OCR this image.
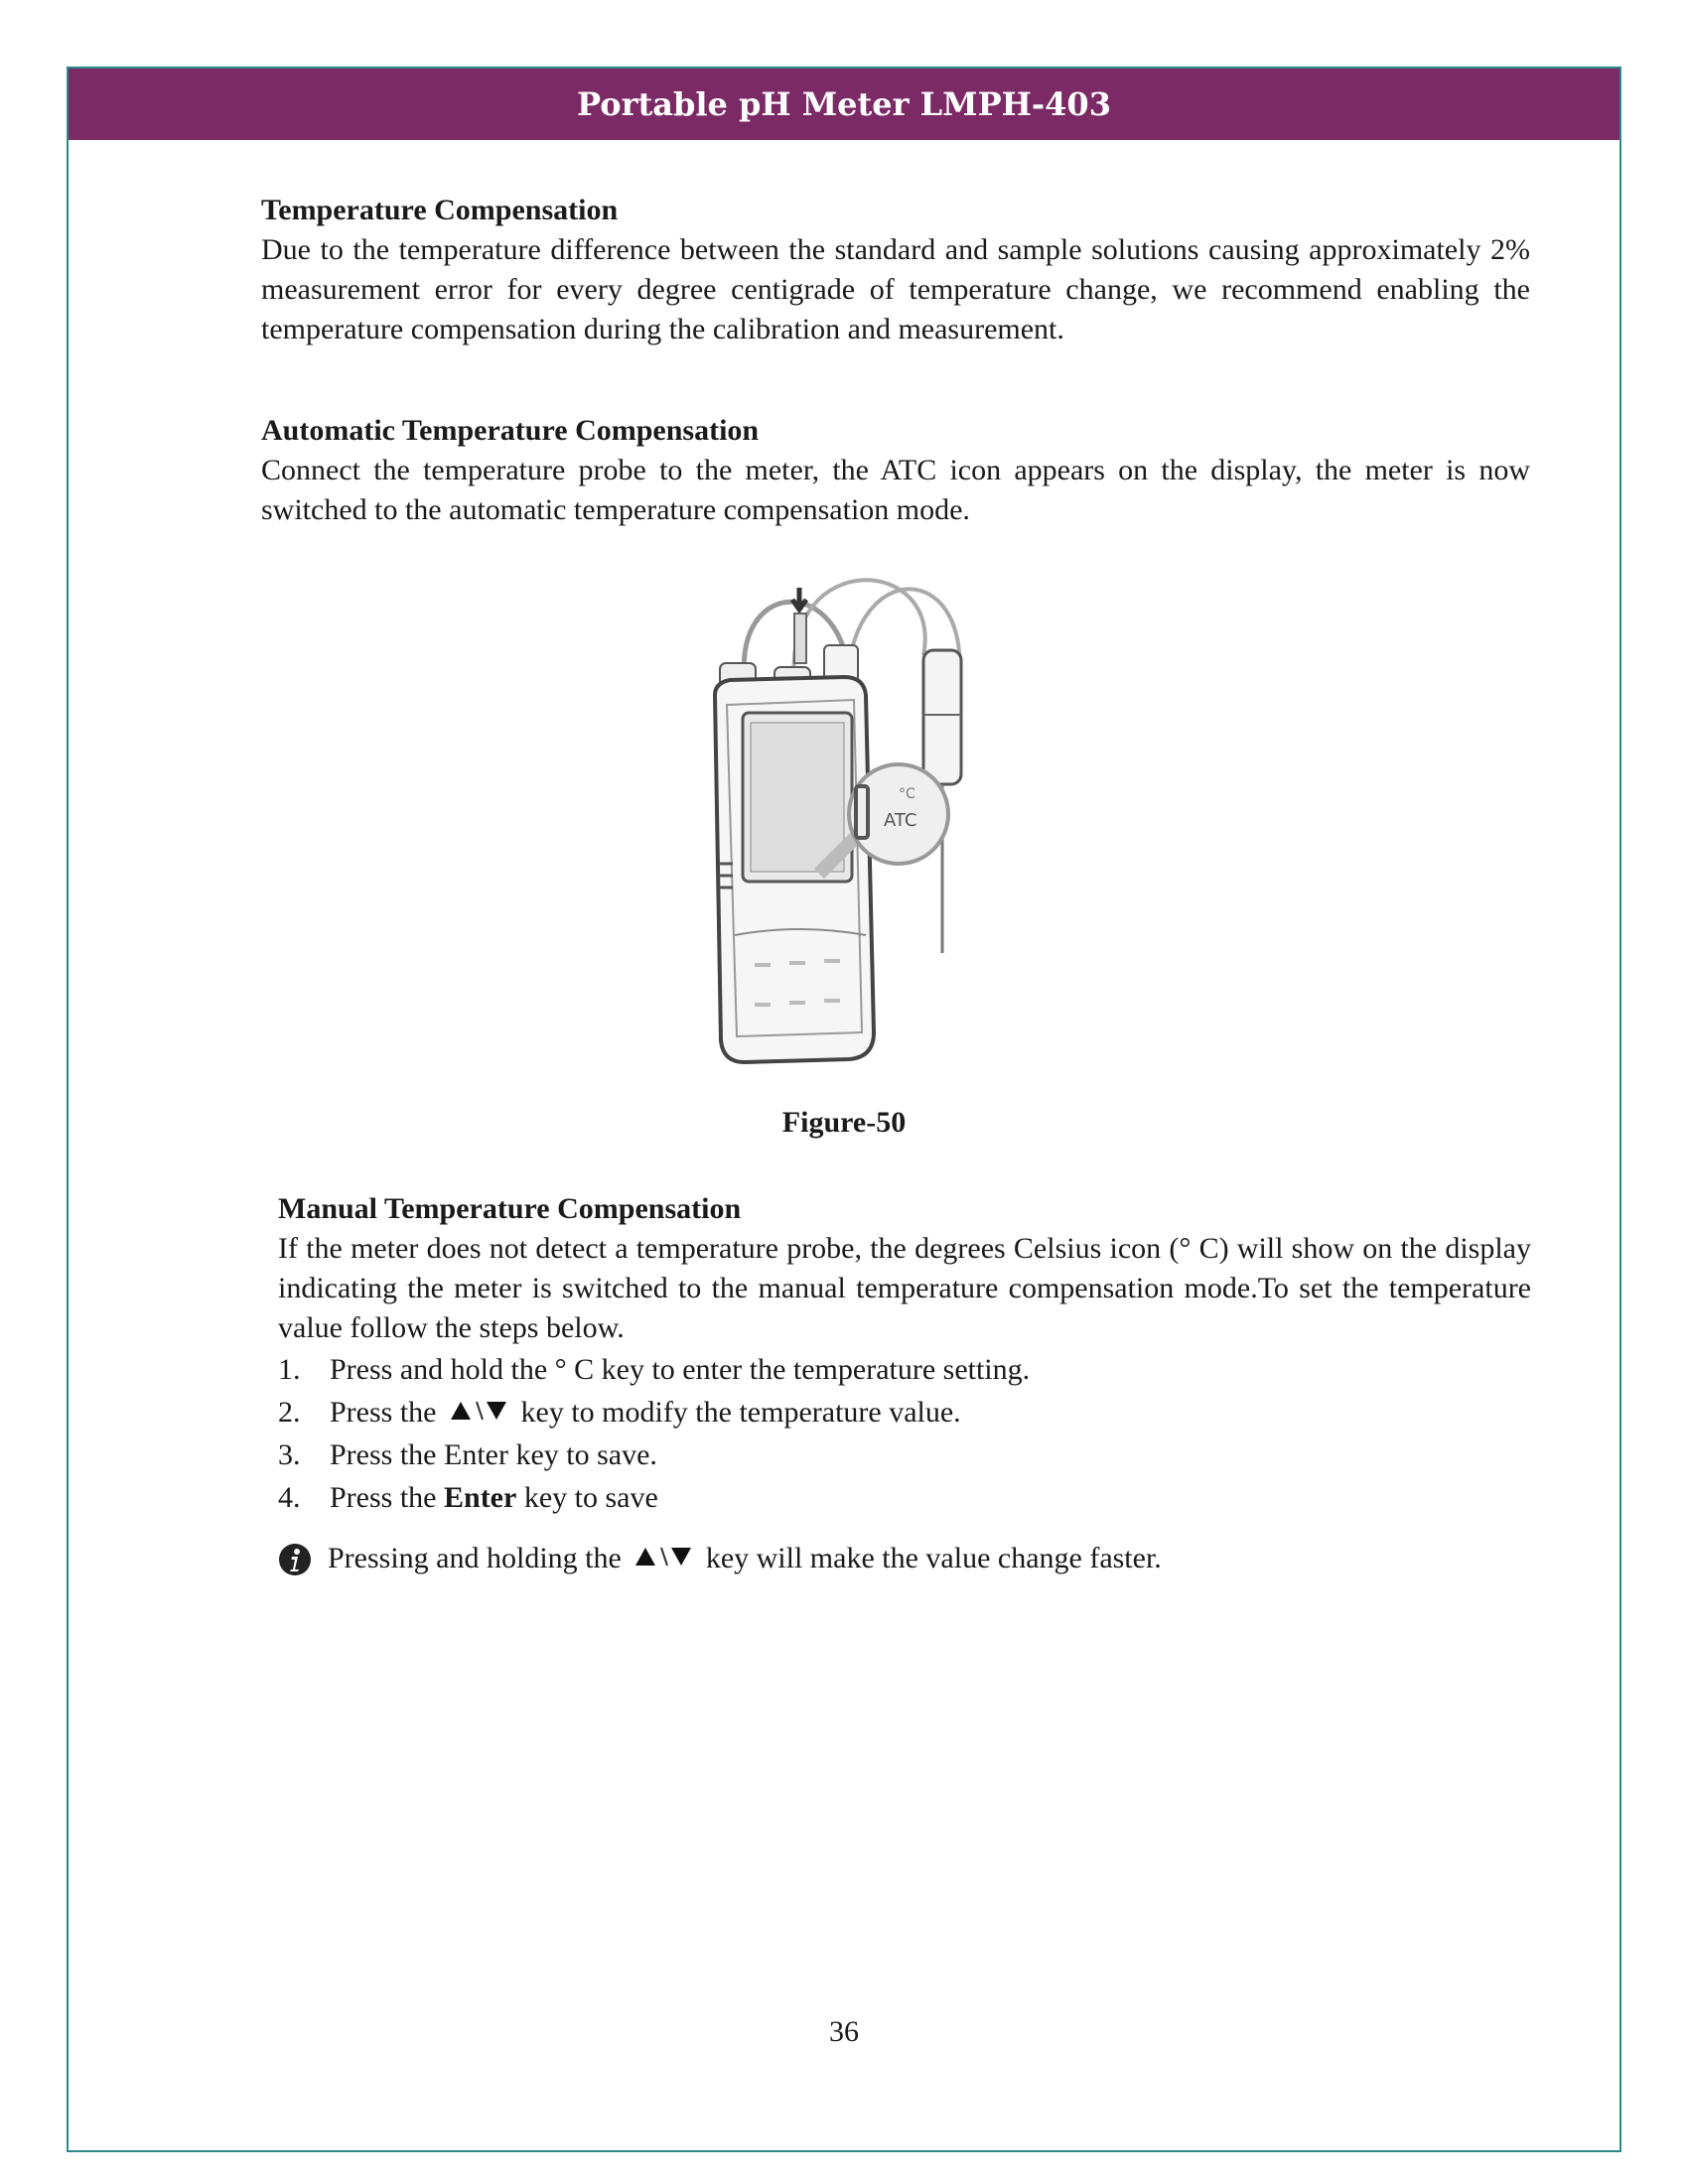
Portable pH Meter LMPH-403

Temperature Compensation

Due to the temperature difference between the standard and sample solutions causing approximately 2% measurement error for every degree centigrade of temperature change, we recommend enabling the temperature compensation during the calibration and measurement.

Automatic Temperature Compensation

Connect the temperature probe to the meter, the ATC icon appears on the display, the meter is now switched to the automatic temperature compensation mode.

°C
ATC
Figure-50

Manual Temperature Compensation

If the meter does not detect a temperature probe, the degrees Celsius icon (° C) will show on the display indicating the meter is switched to the manual temperature compensation mode.To set the temperature value follow the steps below.

1. Press and hold the ° C key to enter the temperature setting.
2. Press the	key to modify the temperature value.
3. Press the Enter key to save.
4. Press the Enter key to save
Pressing and holding the	key will make the value change faster.
36
